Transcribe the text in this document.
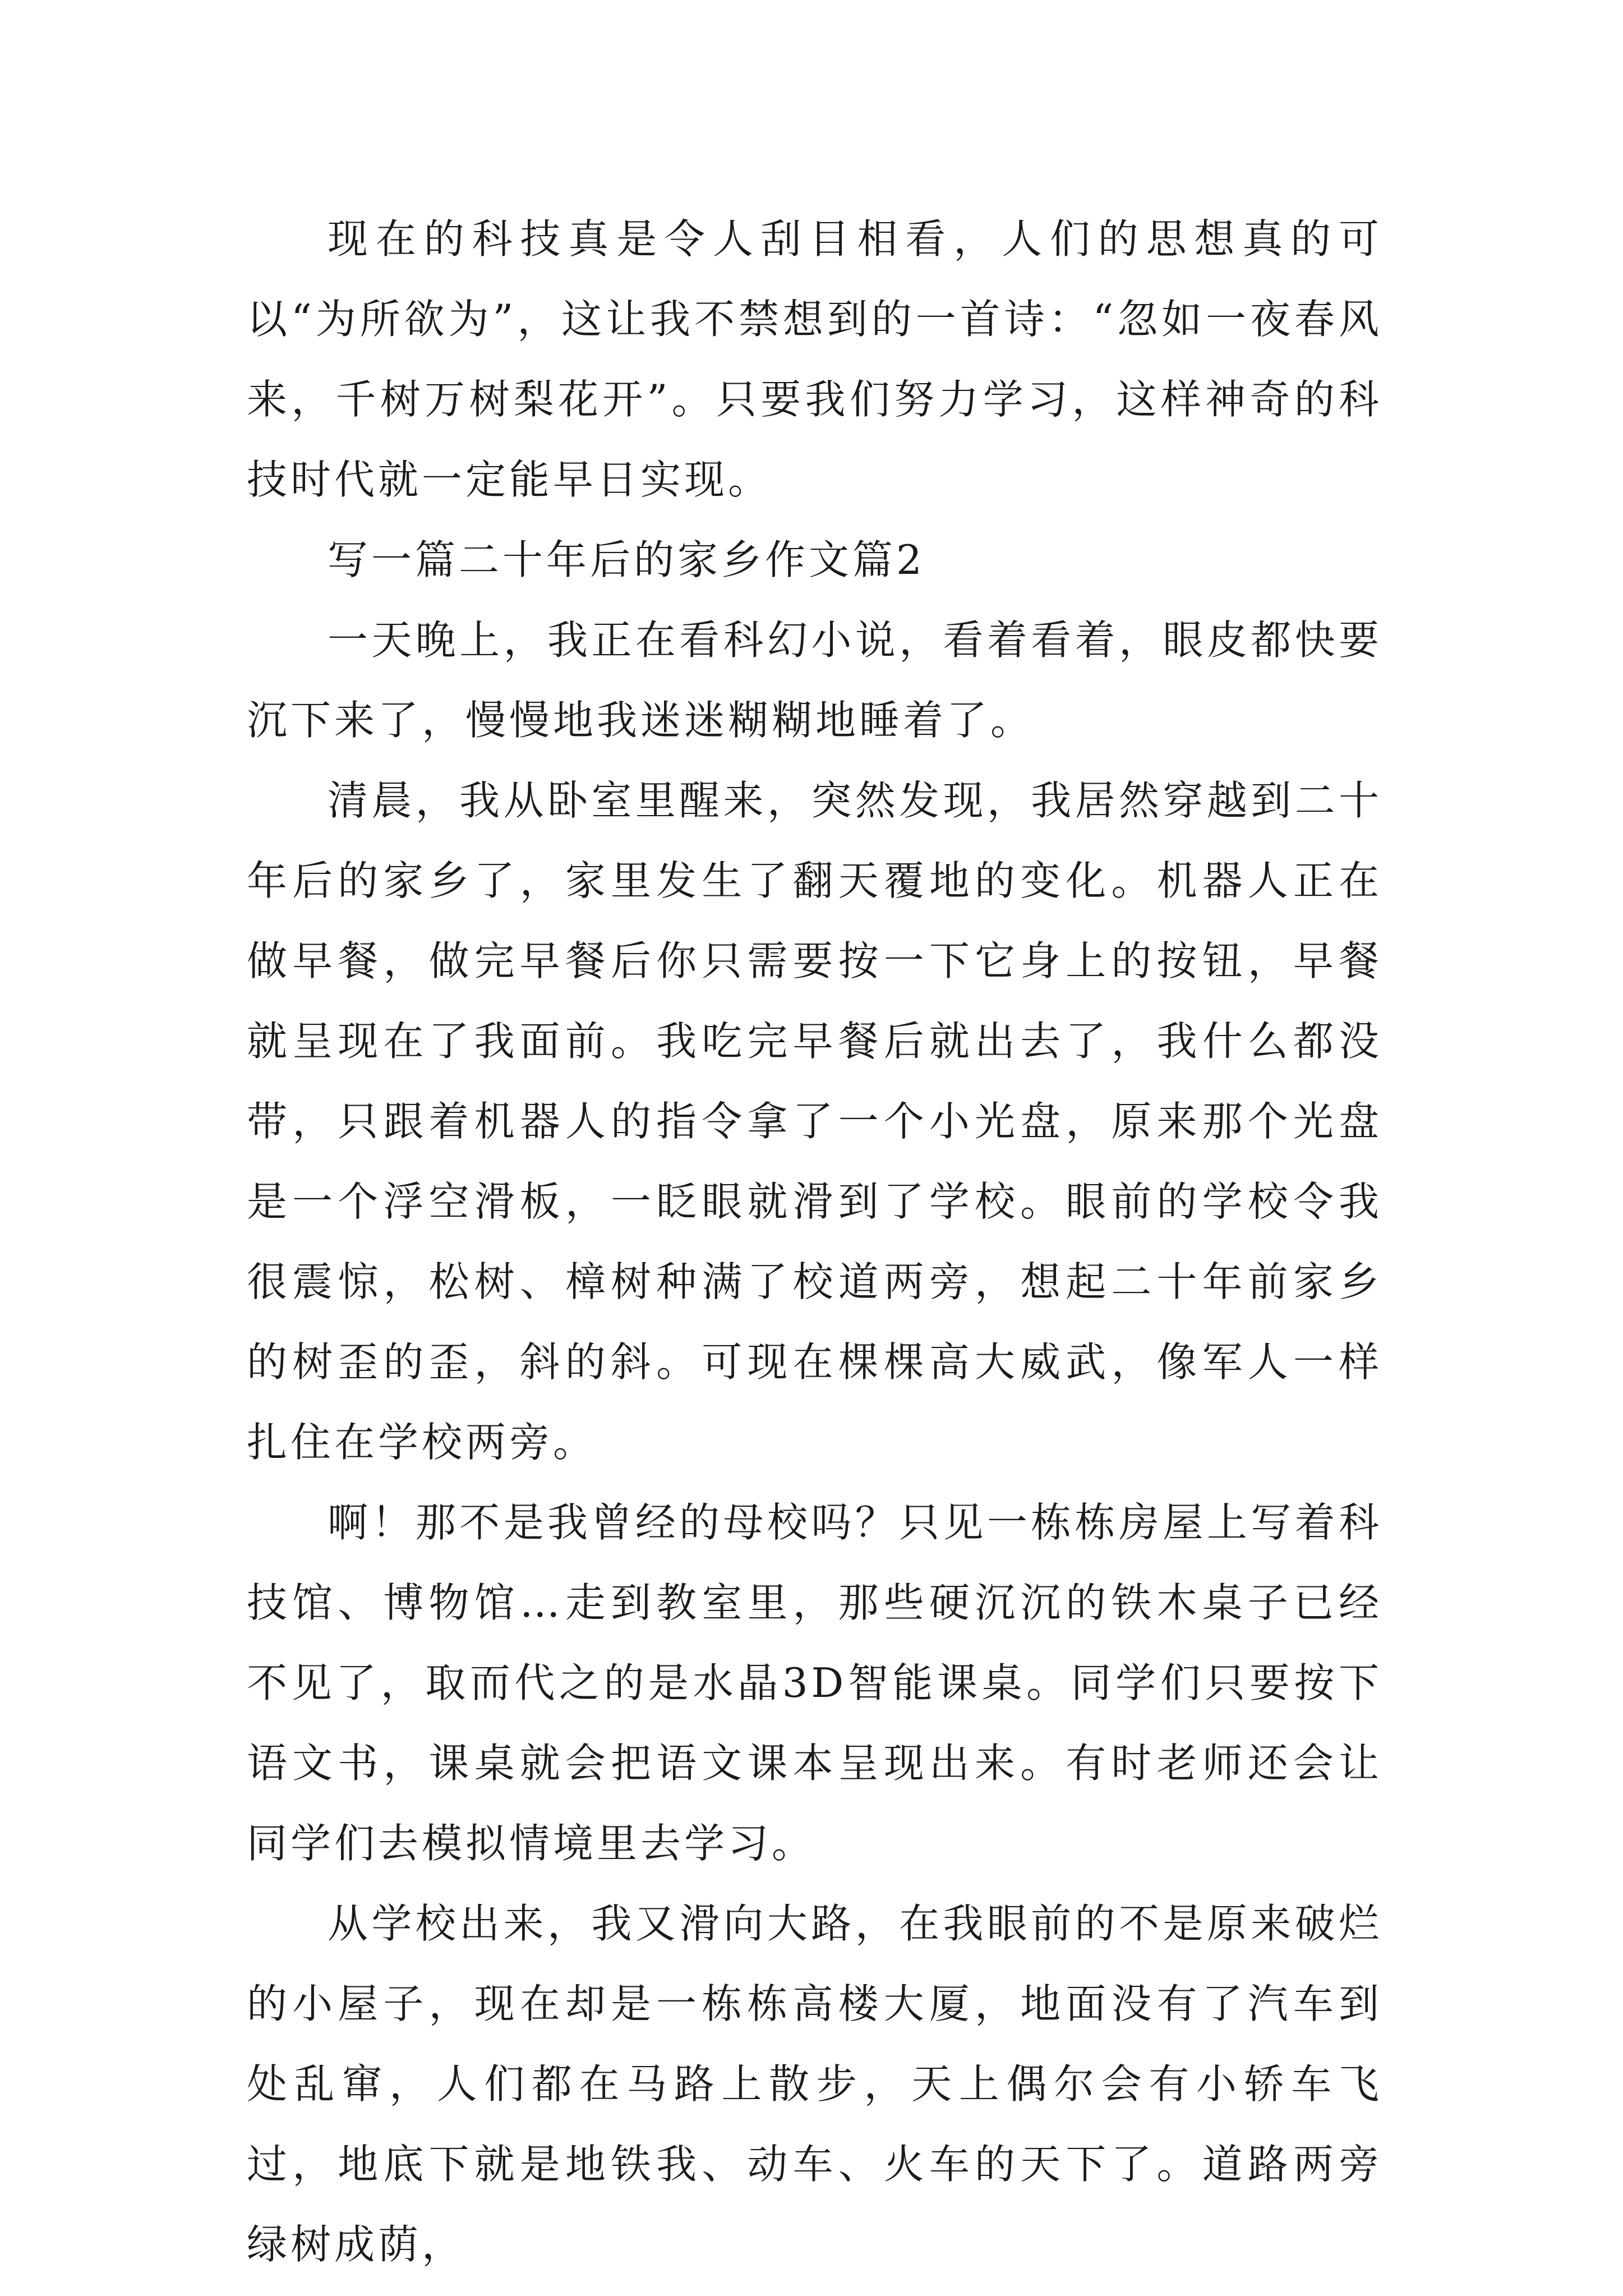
现在的科技真是令人刮目相看，人们的思想真的可以“为所欲为”，这让我不禁想到的一首诗：“忽如一夜春风来，千树万树梨花开”。只要我们努力学习，这样神奇的科技时代就一定能早日实现。

写一篇二十年后的家乡作文篇2

一天晚上，我正在看科幻小说，看着看着，眼皮都快要沉下来了，慢慢地我迷迷糊糊地睡着了。

清晨，我从卧室里醒来，突然发现，我居然穿越到二十年后的家乡了，家里发生了翻天覆地的变化。机器人正在做早餐，做完早餐后你只需要按一下它身上的按钮，早餐就呈现在了我面前。我吃完早餐后就出去了，我什么都没带，只跟着机器人的指令拿了一个小光盘，原来那个光盘是一个浮空滑板，一眨眼就滑到了学校。眼前的学校令我很震惊，松树、樟树种满了校道两旁，想起二十年前家乡的树歪的歪，斜的斜。可现在棵棵高大威武，像军人一样扎住在学校两旁。

啊！那不是我曾经的母校吗？只见一栋栋房屋上写着科技馆、博物馆…走到教室里，那些硬沉沉的铁木桌子已经不见了，取而代之的是水晶3D智能课桌。同学们只要按下语文书，课桌就会把语文课本呈现出来。有时老师还会让同学们去模拟情境里去学习。

从学校出来，我又滑向大路，在我眼前的不是原来破烂的小屋子，现在却是一栋栋高楼大厦，地面没有了汽车到处乱窜，人们都在马路上散步，天上偶尔会有小轿车飞过，地底下就是地铁我、动车、火车的天下了。道路两旁绿树成荫，
